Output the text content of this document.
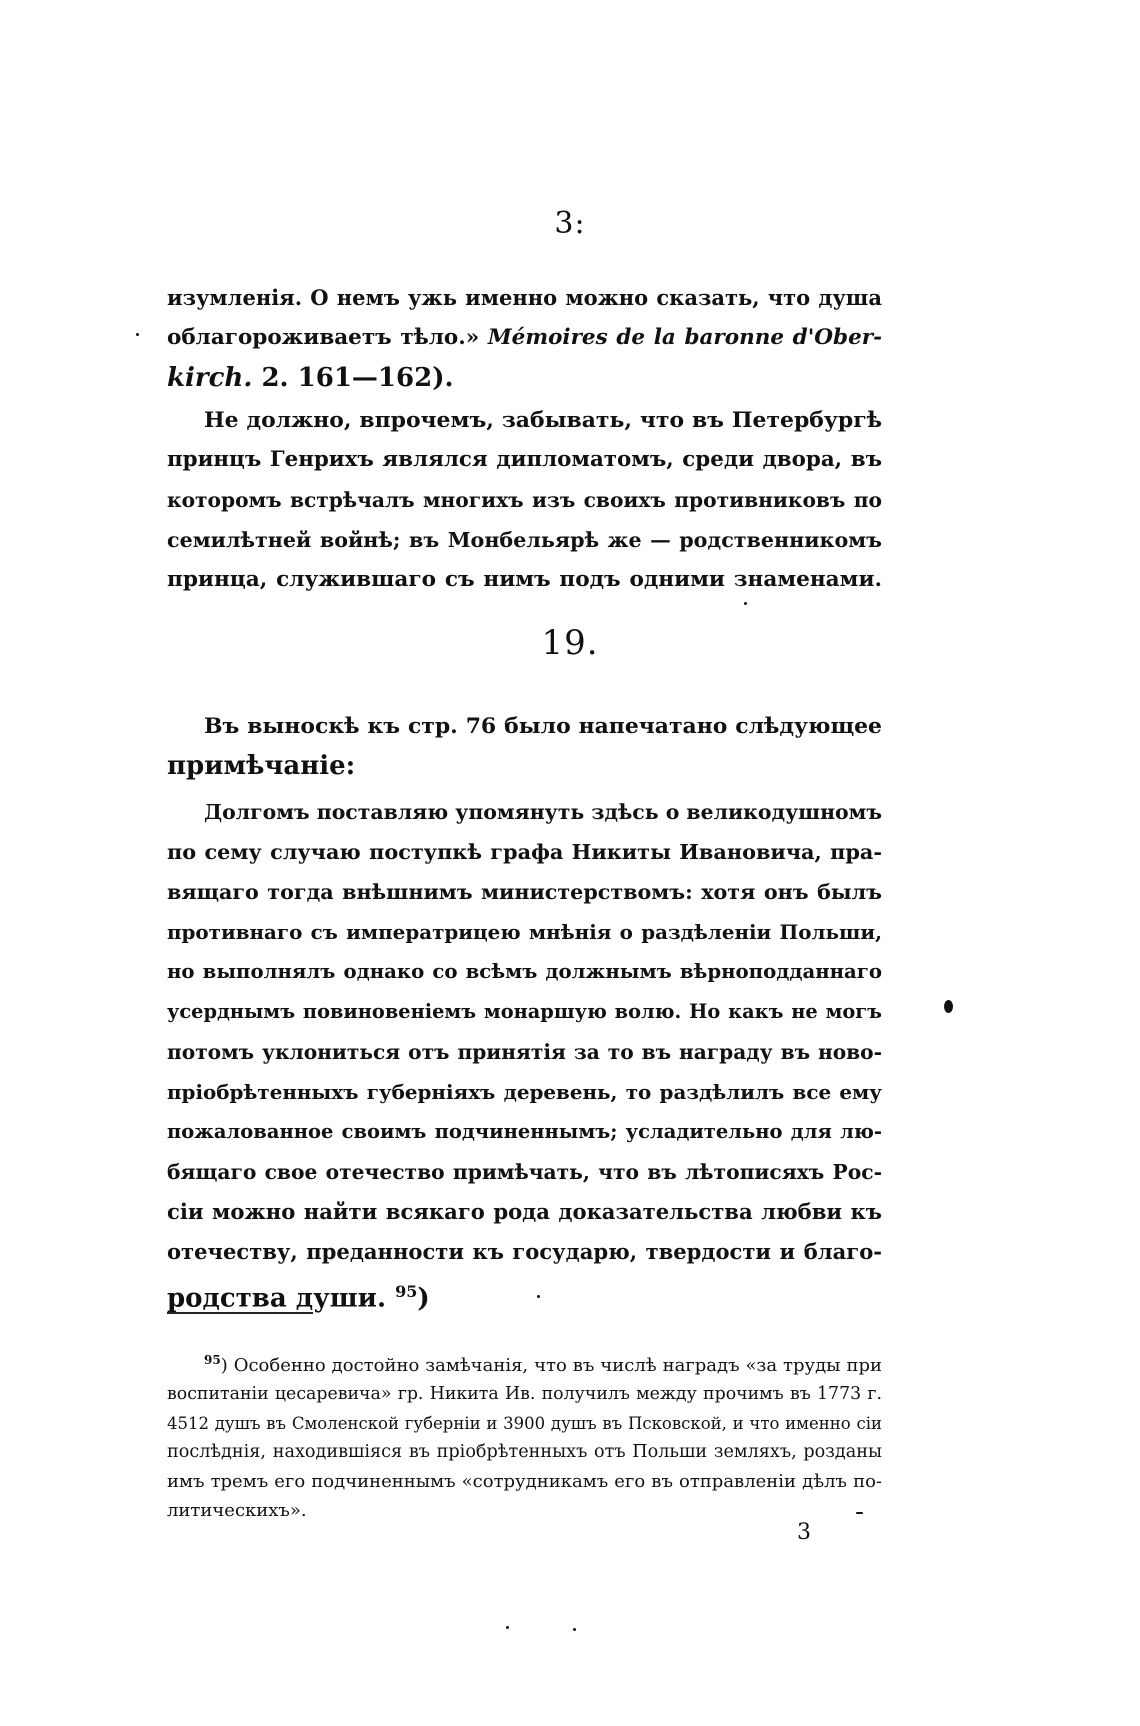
3:
изумленія. О немъ ужь именно можно сказать, что душа
облагороживаетъ тѣло.» Mémoires de la baronne d'Ober-
kirch. 2. 161—162).
Не должно, впрочемъ, забывать, что въ Петербургѣ
принцъ Генрихъ являлся дипломатомъ, среди двора, въ
которомъ встрѣчалъ многихъ изъ своихъ противниковъ по
семилѣтней войнѣ; въ Монбельярѣ же — родственникомъ
принца, служившаго съ нимъ подъ одними знаменами.
19.
Въ выноскѣ къ стр. 76 было напечатано слѣдующее
примѣчаніе:
Долгомъ поставляю упомянуть здѣсь о великодушномъ
по сему случаю поступкѣ графа Никиты Ивановича, пра-
вящаго тогда внѣшнимъ министерствомъ: хотя онъ былъ
противнаго съ императрицею мнѣнія о раздѣленіи Польши,
но выполнялъ однако со всѣмъ должнымъ вѣрноподданнаго
усерднымъ повиновеніемъ монаршую волю. Но какъ не могъ
потомъ уклониться отъ принятія за то въ награду въ ново-
пріобрѣтенныхъ губерніяхъ деревень, то раздѣлилъ все ему
пожалованное своимъ подчиненнымъ; усладительно для лю-
бящаго свое отечество примѣчать, что въ лѣтописяхъ Рос-
сіи можно найти всякаго рода доказательства любви къ
отечеству, преданности къ государю, твердости и благо-
родства души. $^{95}$)
$^{95}$) Особенно достойно замѣчанія, что въ числѣ наградъ «за труды при
воспитаніи цесаревича» гр. Никита Ив. получилъ между прочимъ въ 1773 г.
4512 душъ въ Смоленской губерніи и 3900 душъ въ Псковской, и что именно сіи
послѣднія, находившіяся въ пріобрѣтенныхъ отъ Польши земляхъ, розданы
имъ тремъ его подчиненнымъ «сотрудникамъ его въ отправленіи дѣлъ по-
литическихъ».
3
